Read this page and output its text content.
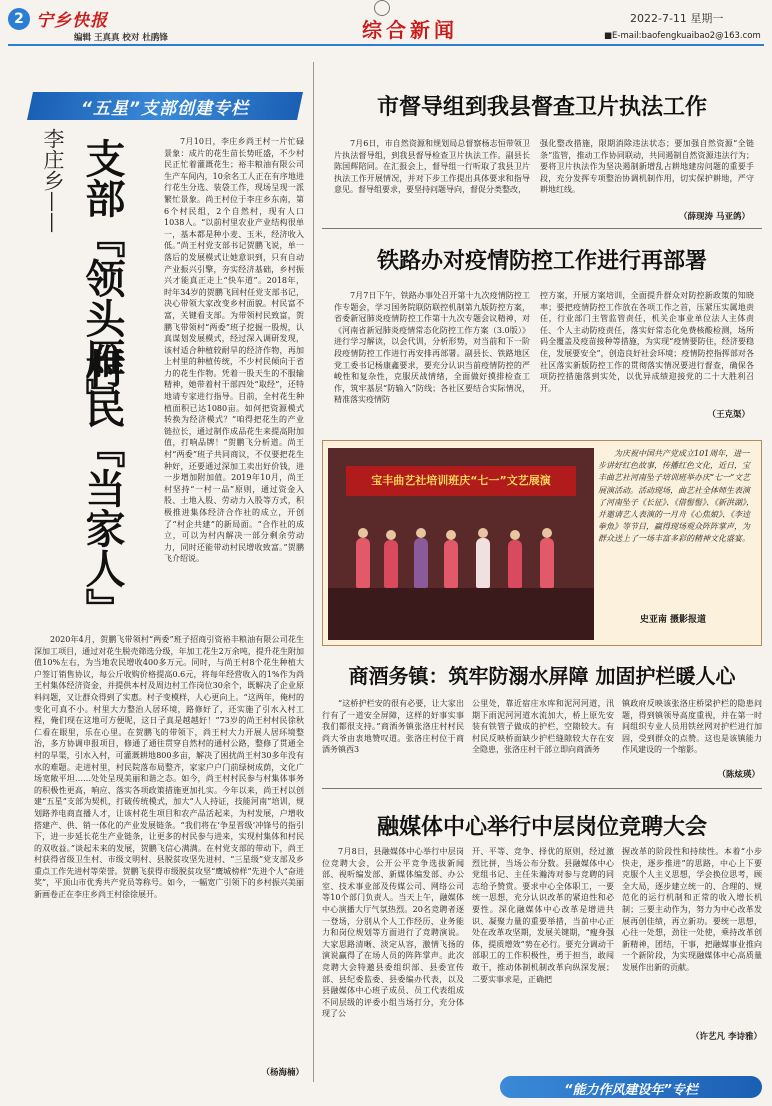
2 宁乡快报
编辑 王真真 校对 杜鹃锋	综合新闻	2022-7-11 星期一
■E-mail:baofengkuaibao2@163.com
“五星”支部创建专栏
李庄乡—— 支部『领头雁』
村民『当家人』
7月10日，李庄乡尚王村一片忙碌景象：成片的花生苗长势旺盛，不少村民正忙着灌溉花生；裕丰粮油有限公司生产车间内，10余名工人正在有序地进行花生分选、装袋工作，现场呈现一派繁忙景象。尚王村位于李庄乡东南，第6个村民组，2个自然村，现有人口1038人。“以前村里农业产业结构很单一，基本都是种小麦、玉米，经济收入低。”尚王村党支部书记贺鹏飞说，单一落后的发展模式让她意识到，只有自动产业振兴引擎，夯实经济基础，乡村振兴才能真正走上“快车道”。2018年，时年34岁的贺鹏飞回村任党支部书记，决心带领大家改变乡村面貌。村民富不富，关键看支部。为带领村民致富，贺鹏飞带领村“两委”班子挖掘一股规，认真谋划发展模式，经过深入调研发现，该村适合种植较耐旱的经济作物，再加上村里的种植传统，不少村民倾向于省力的花生作物。凭着一股天生的不服输精神，她带着村干部四处“取经”，还特地请专家进行指导。目前，全村花生种植面积已达1080亩。如何把资源模式转换为经济模式？“咱得把花生的产业链拉长，通过制作成品花生来提高附加值，打响品牌！”贺鹏飞分析道。尚王村“两委”班子共同商议，不仅要把花生种好，还要通过深加工卖出好价钱，进一步增加附加值。2019年10月，尚王村坚持“一村一品”原则，通过资金入股、土地入股、劳动力入股等方式，积极推进集体经济合作社的成立，开创了“村企共建”的新局面。“合作社的成立，可以为村内解决一部分剩余劳动力，同时还能带动村民增收致富。”贺鹏飞介绍说。
2020年4月，贺鹏飞带领村“两委”班子招商引资裕丰粮油有限公司花生深加工项目，通过对花生脱壳筛选分级，年加工花生2万余吨，提升花生附加值10%左右，为当地农民增收400多万元。同时，与尚王村8个花生种植大户签订销售协议，每公斤收购价格提高0.6元，将每年经营收入的1%作为尚王村集体经济资金，并提供本村及周边村工作岗位30余个，既解决了企业原料问题，又让群众得到了实惠。村子变模样，人心更向上。“这两年，俺村的变化可真不小。村里大力整治人居环境，路修好了，还实施了引水入村工程，俺们现在这地可方便呢，这日子真是越越好！”73岁的尚王村村民徐秋仁看在眼里，乐在心里。在贺鹏飞的带领下，尚王村大力开展人居环境整治，多方协调申报项目，修通了通往贯穿自然村的通村公路，整修了贯通全村的旱渠，引水入村，可灌溉耕地800多亩，解决了困扰尚王村30多年没有水的难题。走进村里，村民院落布局整齐，家家户户门前绿树成荫，文化广场宽敞平坦……处处呈现美丽和谐之态。如今，尚王村村民参与村集体事务的积极性更高，响应、落实各项政策措施更加扎实。今年以来，尚王村以创建“五星”支部为契机，打破传统模式，加大“人人持证，技能河南”培训，规划路养电商直播人才，让该村花生项目和农产品活起来，为村发展，户增收搭建产、供、销一体化的产业发展链条。“我们将在‘争星晋级’冲锋号的指引下，进一步延长花生产业链条，让更多的村民参与进来，实现村集体和村民的双收益。”谈起未来的发展，贺鹏飞信心满满。在村党支部的带动下，尚王村获得省级卫生村、市级文明村、县脱贫攻坚先进村、“三星级”党支部及乡重点工作先进村等荣誉。贺鹏飞获得市级脱贫攻坚“鹰城榜样”先进个人“奋进奖”，平顶山市优秀共产党员等称号。如今，一幅宽广引领下的乡村振兴美丽新画卷正在李庄乡尚王村徐徐展开。
（杨海楠）
市督导组到我县督查卫片执法工作
7月6日，市自然资源和规划局总督察杨志恒带领卫片执法督导组，到我县督导检查卫片执法工作。副县长陈国辉陪同。在汇报会上，督导组一行听取了我县卫片执法工作开展情况，并对下步工作提出具体要求和指导意见。督导组要求，要坚持问题导向，督促分类整改，
强化整改措施，限期消除违法状态；要加强自然资源“全链条”监管，推动工作协同联动，共同遏制自然资源违法行为；要将卫片执法作为坚决遏制新增乱占耕地建房问题的重要手段，充分发挥专项整治协调机制作用，切实保护耕地，严守耕地红线。
（薛现涛 马亚鸽）
铁路办对疫情防控工作进行再部署
7月7日下午，铁路办事处召开第十九次疫情防控工作专题会，学习国务院联防联控机制第九版防控方案，省委新冠肺炎疫情防控工作第十九次专题会议精神，对《河南省新冠肺炎疫情常态化防控工作方案（3.0版）》进行学习解读，以会代训，分析形势，对当前和下一阶段疫情防控工作进行再安排再部署。副县长、铁路地区党工委书记杨康鑫要求，要充分认识当前疫情防控的严峻性和复杂性，克服厌战情绪，全面做好摸排检查工作，筑牢基层“防输入”防线；各社区要结合实际情况，精准落实疫情防
控方案，开展方案培训，全面提升群众对防控新政策的知晓率；要把疫情防控工作放在各项工作之首，压紧压实属地责任，行业部门主管监管责任，机关企事业单位法人主体责任、个人主动防疫责任，落实好常态化免费核酸检测，场所码全覆盖及疫苗接种等措施，为实现“疫情要防住，经济要稳住，发展要安全”，创造良好社会环境；疫情防控指挥部对各社区落实新版防控工作的贯彻落实情况要进行督查，确保各项防控措施落到实处，以优异成绩迎接党的二十大胜利召开。
（王克渠）
宝丰曲艺社培训班庆“七一”文艺展演
为庆祝中国共产党成立101周年，进一步讲好红色故事，传播红色文化，近日，宝丰曲艺社河南坠子培训班举办庆“七一”文艺展演活动。活动现场，曲艺社全体师生表演了河南坠子《长征》、《借髻髻》、《新洪湖》，并邀请艺人表演的一月舟《心焦娘》、《李逵拳魚》等节目，赢得现场观众阵阵掌声，为群众送上了一场丰富多彩的精神文化盛宴。
史亚南 摄影报道
商酒务镇：筑牢防溺水屏障 加固护栏暖人心
“这桥护栏安的很有必要，让大家出行有了一道安全屏障，这样的好事实事我们都很支持。”商酒务镇张洛庄村村民尚大爷由衷地赞叹道。张洛庄村位于商酒务镇西3
公里处，靠近宿庄水库和泥河河道，汛期下雨泥河河道水流加大，桥上原先安装有铁管子做成的护栏，空隙较大。有村民反映桥面缺少护栏缝隙较大存在安全隐患，张洛庄村干部立即向商酒务
镇政府反映该张洛庄桥梁护栏的隐患问题，得到镇领导高度重视，并在第一时间组织专业人员用铁丝网对护栏进行加固，受到群众的点赞。这也是该镇能力作风建设的一个缩影。
（陈炫瑛）
融媒体中心举行中层岗位竞聘大会
7月8日，县融媒体中心举行中层岗位竞聘大会，公开公平竞争选拔新闻部、视听编发部、新媒体编发部、办公室、技术事业部及传媒公司、网络公司等10个部门负责人。当天上午，融媒体中心演播大厅气氛热烈。20名竞聘者逐一登场，分别从个人工作经历、业务能力和岗位规划等方面进行了竞聘演说。大家思路清晰、淡定从容，激情飞扬的演说赢得了在场人员的阵阵掌声。此次竞聘大会特邀县委组织部、县委宣传部、县纪委监委、县委编办代表，以及县融媒体中心班子成员、员工代表组成不同层级的评委小组当场打分，充分体现了公
开、平等、竞争、择优的原则，经过激烈比拼，当场公布分数。县融媒体中心党组书记、主任朱瀚涛对参与竞聘的同志给予赞赏。要求中心全体职工，一要统一思想，充分认识改革的紧迫性和必要性。深化融媒体中心改革是增进共识、凝聚力量的重要举措，当前中心正处在改革攻坚期，发展关键期，“瘦身强体，提质增效”势在必行。要充分调动干部职工的工作积极性，勇于担当，敢闯敢干，推动体制机制改革向纵深发展；二要实事求是，正确把
握改革的阶段性和持续性。本着“小步快走，逐步推进”的思路，中心上下要克服个人主义思想，学会换位思考，顾全大局，逐步建立统一的、合理的、规范化的运行机制和正常的收入增长机制；三要主动作为，努力为中心改革发展再创佳绩，再立新功。要统一思想，心往一处想，劲往一处使，乘持改革创新精神，团结，干事，把融媒事业推向一个新阶段，为实现融媒体中心高质量发展作出新的贡献。
（许艺凡 李诗雅）
“能力作风建设年”专栏
